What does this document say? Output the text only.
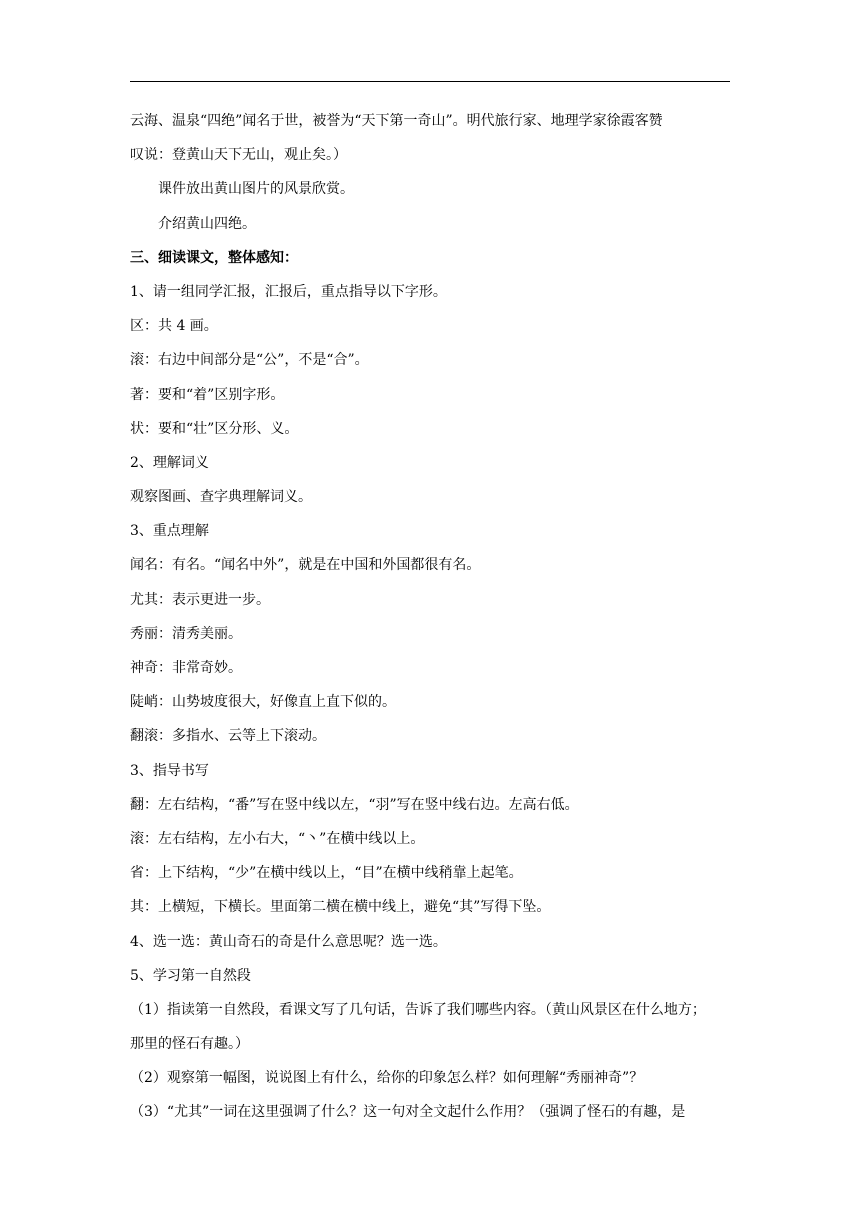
云海、温泉“四绝”闻名于世，被誉为“天下第一奇山”。明代旅行家、地理学家徐霞客赞
叹说：登黄山天下无山，观止矣。）
课件放出黄山图片的风景欣赏。
介绍黄山四绝。
三、细读课文，整体感知：
1、请一组同学汇报，汇报后，重点指导以下字形。
区：共 4 画。
滚：右边中间部分是“公”，不是“合”。
著：要和“着”区别字形。
状：要和“壮”区分形、义。
2、理解词义
观察图画、查字典理解词义。
3、重点理解
闻名：有名。“闻名中外”，就是在中国和外国都很有名。
尤其：表示更进一步。
秀丽：清秀美丽。
神奇：非常奇妙。
陡峭：山势坡度很大，好像直上直下似的。
翻滚：多指水、云等上下滚动。
3、指导书写
翻：左右结构，“番”写在竖中线以左，“羽”写在竖中线右边。左高右低。
滚：左右结构，左小右大，“丶”在横中线以上。
省：上下结构，“少”在横中线以上，“目”在横中线稍靠上起笔。
其：上横短，下横长。里面第二横在横中线上，避免“其”写得下坠。
4、选一选：黄山奇石的奇是什么意思呢？选一选。
5、学习第一自然段
（1）指读第一自然段，看课文写了几句话，告诉了我们哪些内容。（黄山风景区在什么地方；
那里的怪石有趣。）
（2）观察第一幅图，说说图上有什么，给你的印象怎么样？如何理解“秀丽神奇”？
（3）“尤其”一词在这里强调了什么？这一句对全文起什么作用？（强调了怪石的有趣，是
